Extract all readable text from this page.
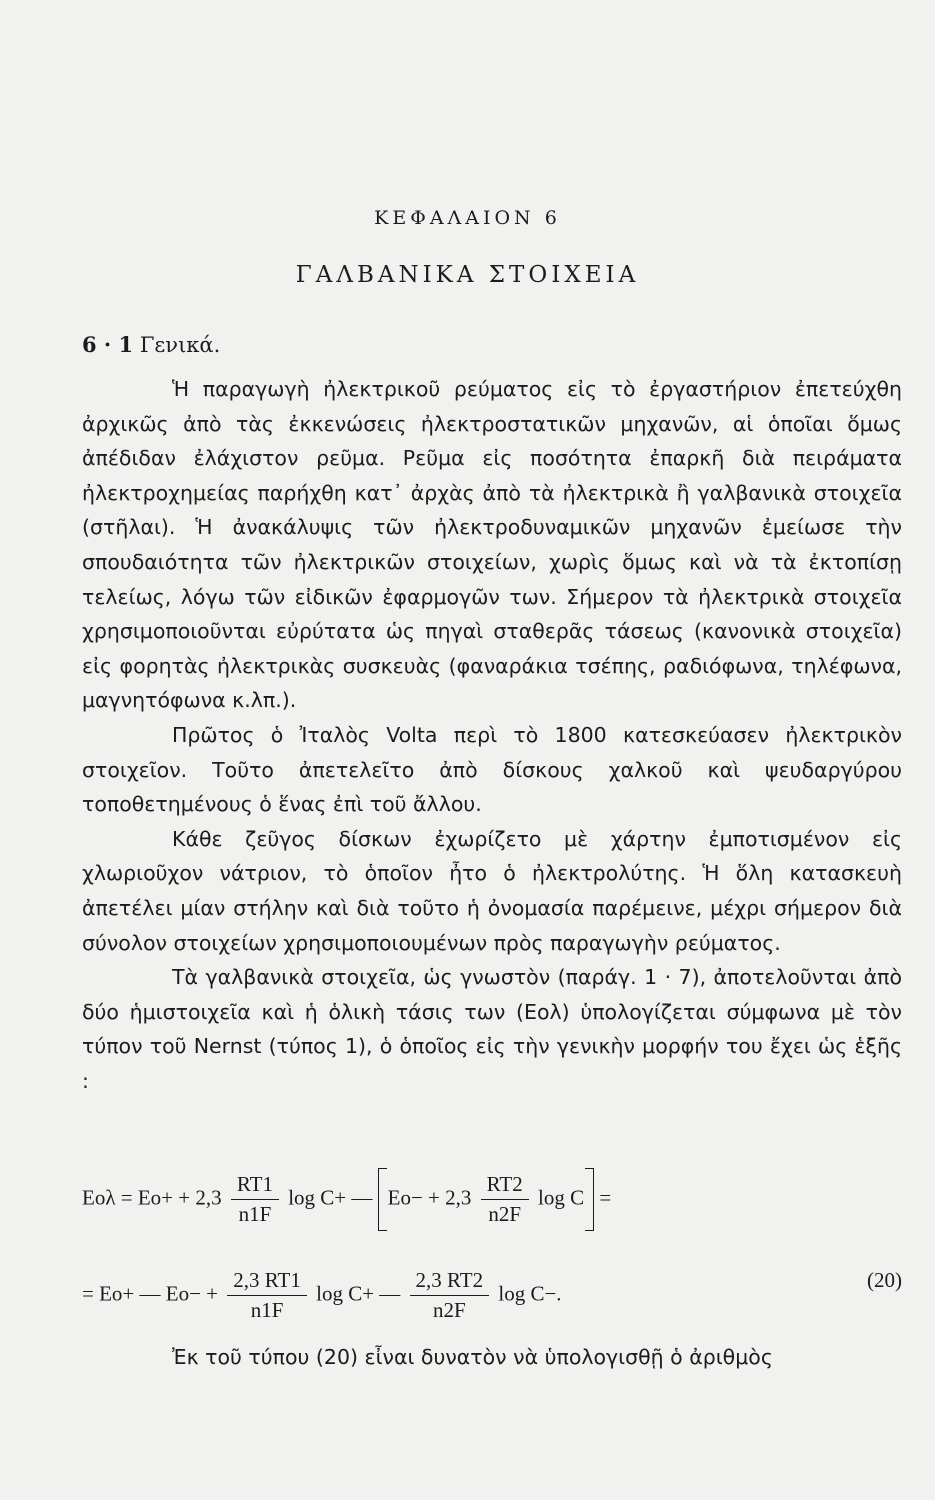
ΚΕΦΑΛΑΙΟΝ 6
ΓΑΛΒΑΝΙΚΑ ΣΤΟΙΧΕΙΑ
6 · 1 Γενικά.

Ἡ παραγωγὴ ἠλεκτρικοῦ ρεύματος εἰς τὸ ἐργαστήριον ἐπετεύχθη ἀρχικῶς ἀπὸ τὰς ἐκκενώσεις ἠλεκτροστατικῶν μηχανῶν, αἱ ὁποῖαι ὅμως ἀπέδιδαν ἐλάχιστον ρεῦμα. Ρεῦμα εἰς ποσότητα ἐπαρκῆ διὰ πειράματα ἠλεκτροχημείας παρήχθη κατ᾽ ἀρχὰς ἀπὸ τὰ ἠλεκτρικὰ ἢ γαλβανικὰ στοιχεῖα (στῆλαι). Ἡ ἀνακάλυψις τῶν ἠλεκτροδυναμικῶν μηχανῶν ἐμείωσε τὴν σπουδαιότητα τῶν ἠλεκτρικῶν στοιχείων, χωρὶς ὅμως καὶ νὰ τὰ ἐκτοπίσῃ τελείως, λόγω τῶν εἰδικῶν ἐφαρμογῶν των. Σήμερον τὰ ἠλεκτρικὰ στοιχεῖα χρησιμοποιοῦνται εὐρύτατα ὡς πηγαὶ σταθερᾶς τάσεως (κανονικὰ στοιχεῖα) εἰς φορητὰς ἠλεκτρικὰς συσκευὰς (φαναράκια τσέπης, ραδιόφωνα, τηλέφωνα, μαγνητόφωνα κ.λπ.).

Πρῶτος ὁ Ἰταλὸς Volta περὶ τὸ 1800 κατεσκεύασεν ἠλεκτρικὸν στοιχεῖον. Τοῦτο ἀπετελεῖτο ἀπὸ δίσκους χαλκοῦ καὶ ψευδαργύρου τοποθετημένους ὁ ἕνας ἐπὶ τοῦ ἄλλου.

Κάθε ζεῦγος δίσκων ἐχωρίζετο μὲ χάρτην ἐμποτισμένον εἰς χλωριοῦχον νάτριον, τὸ ὁποῖον ἦτο ὁ ἠλεκτρολύτης. Ἡ ὅλη κατασκευὴ ἀπετέλει μίαν στήλην καὶ διὰ τοῦτο ἡ ὀνομασία παρέμεινε, μέχρι σήμερον διὰ σύνολον στοιχείων χρησιμοποιουμένων πρὸς παραγωγὴν ρεύματος.

Τὰ γαλβανικὰ στοιχεῖα, ὡς γνωστὸν (παράγ. 1 · 7), ἀποτελοῦνται ἀπὸ δύο ἡμιστοιχεῖα καὶ ἡ ὁλικὴ τάσις των (Eολ) ὑπολογίζεται σύμφωνα μὲ τὸν τύπον τοῦ Nernst (τύπος 1), ὁ ὁποῖος εἰς τὴν γενικὴν μορφήν του ἔχει ὡς ἑξῆς :

$Eo\lambda = Eo+ + 2,3 \frac{RT1}{n1F}$ log C+ — $Eo- + 2,3 \frac{RT2}{n2F}$ log C =
= Eo+ — $Eo- + \frac{2,3 RT1}{n1F}$ log C+ — $\frac{2,3 RT2}{n2F}$ log C−.
(20)
Ἐκ τοῦ τύπου (20) εἶναι δυνατὸν νὰ ὑπολογισθῇ ὁ ἀριθμὸς
